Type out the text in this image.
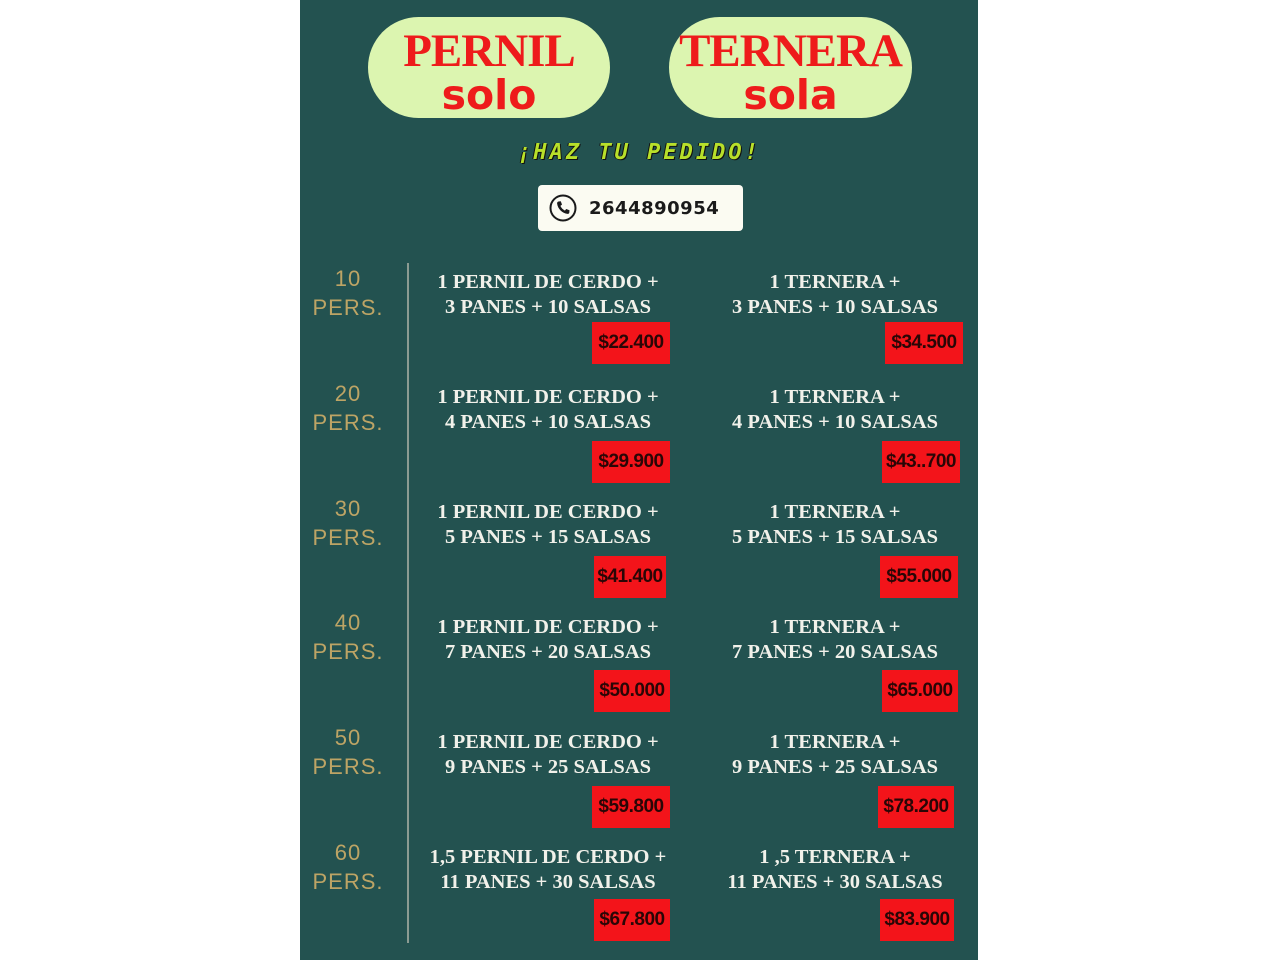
PERNIL
solo
TERNERA
sola
¡HAZ TU PEDIDO!
2644890954
10
PERS.
1 PERNIL DE CERDO +
3 PANES + 10 SALSAS
$22.400
1 TERNERA +
3 PANES + 10 SALSAS
$34.500
20
PERS.
1 PERNIL DE CERDO +
4 PANES + 10 SALSAS
$29.900
1 TERNERA +
4 PANES + 10 SALSAS
$43..700
30
PERS.
1 PERNIL DE CERDO +
5 PANES + 15 SALSAS
$41.400
1 TERNERA +
5 PANES + 15 SALSAS
$55.000
40
PERS.
1 PERNIL DE CERDO +
7 PANES + 20 SALSAS
$50.000
1 TERNERA +
7 PANES + 20 SALSAS
$65.000
50
PERS.
1 PERNIL DE CERDO +
9 PANES + 25 SALSAS
$59.800
1 TERNERA +
9 PANES + 25 SALSAS
$78.200
60
PERS.
1,5 PERNIL DE CERDO +
11 PANES + 30 SALSAS
$67.800
1 ,5 TERNERA +
11 PANES + 30 SALSAS
$83.900
